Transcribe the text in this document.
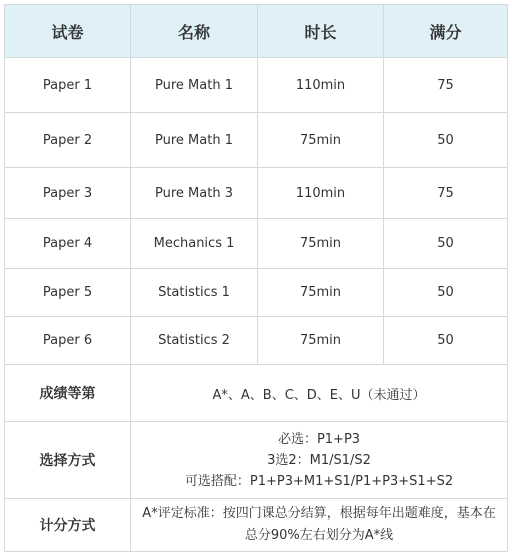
试卷	名称	时长	满分
Paper 1	Pure Math 1	110min	75
Paper 2	Pure Math 1	75min	50
Paper 3	Pure Math 3	110min	75
Paper 4	Mechanics 1	75min	50
Paper 5	Statistics 1	75min	50
Paper 6	Statistics 2	75min	50
成绩等第	A*、A、B、C、D、E、U（未通过）		
选择方式	必选：P1+P3
3选2：M1/S1/S2
可选搭配：P1+P3+M1+S1/P1+P3+S1+S2		

计分方式	A*评定标准：按四门课总分结算，根据每年出题难度，基本在总分90%左右划分为A*线		
